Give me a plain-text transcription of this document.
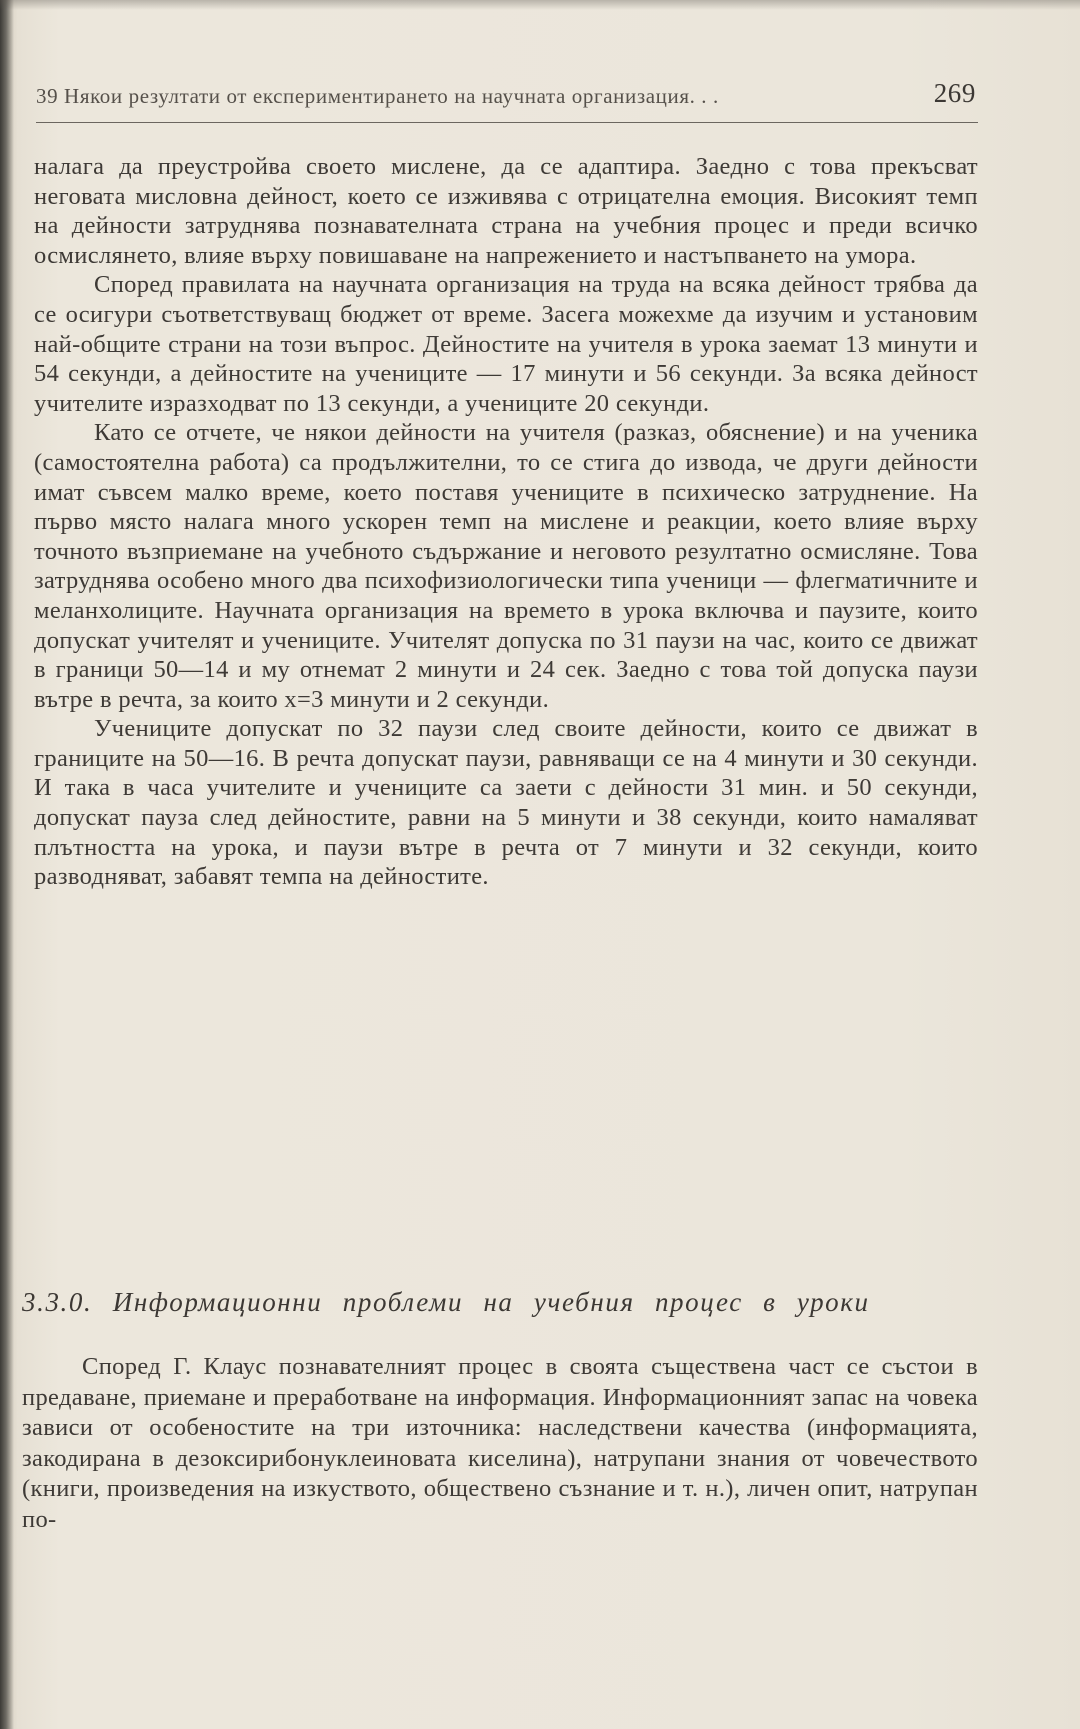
39 Някои резултати от експериментирането на научната организация. . .	269

налага да преустройва своето мислене, да се адаптира. Заедно с това прекъсват неговата мисловна дейност, което се изживява с отрицателна емоция. Високият темп на дейности затруднява познавателната страна на учебния процес и преди всичко осмислянето, влияе върху повишаване на напрежението и настъпването на умора.

Според правилата на научната организация на труда на всяка дейност трябва да се осигури съответствуващ бюджет от време. Засега можехме да изучим и установим най-общите страни на този въпрос. Дейностите на учителя в урока заемат 13 минути и 54 секунди, а дейностите на учениците — 17 минути и 56 секунди. За всяка дейност учителите изразходват по 13 секунди, а учениците 20 секунди.

Като се отчете, че някои дейности на учителя (разказ, обяснение) и на ученика (самостоятелна работа) са продължителни, то се стига до извода, че други дейности имат съвсем малко време, което поставя учениците в психическо затруднение. На първо място налага много ускорен темп на мислене и реакции, което влияе върху точното възприемане на учебното съдържание и неговото резултатно осмисляне. Това затруднява особено много два психофизиологически типа ученици — флегматичните и меланхолиците. Научната организация на времето в урока включва и паузите, които допускат учителят и учениците. Учителят допуска по 31 паузи на час, които се движат в граници 50—14 и му отнемат 2 минути и 24 сек. Заедно с това той допуска паузи вътре в речта, за които x=3 минути и 2 секунди.

Учениците допускат по 32 паузи след своите дейности, които се движат в границите на 50—16. В речта допускат паузи, равняващи се на 4 минути и 30 секунди. И така в часа учителите и учениците са заети с дейности 31 мин. и 50 секунди, допускат пауза след дейностите, равни на 5 минути и 38 секунди, които намаляват плътността на урока, и паузи вътре в речта от 7 минути и 32 секунди, които разводняват, забавят темпа на дейностите.

3.3.0. Информационни проблеми на учебния процес в уроки

Според Г. Клаус познавателният процес в своята съществена част се състои в предаване, приемане и преработване на информация. Информационният запас на човека зависи от особеностите на три източника: наследствени качества (информацията, закодирана в дезоксирибонуклеиновата киселина), натрупани знания от човечеството (книги, произведения на изкуството, обществено съзнание и т. н.), личен опит, натрупан по-
